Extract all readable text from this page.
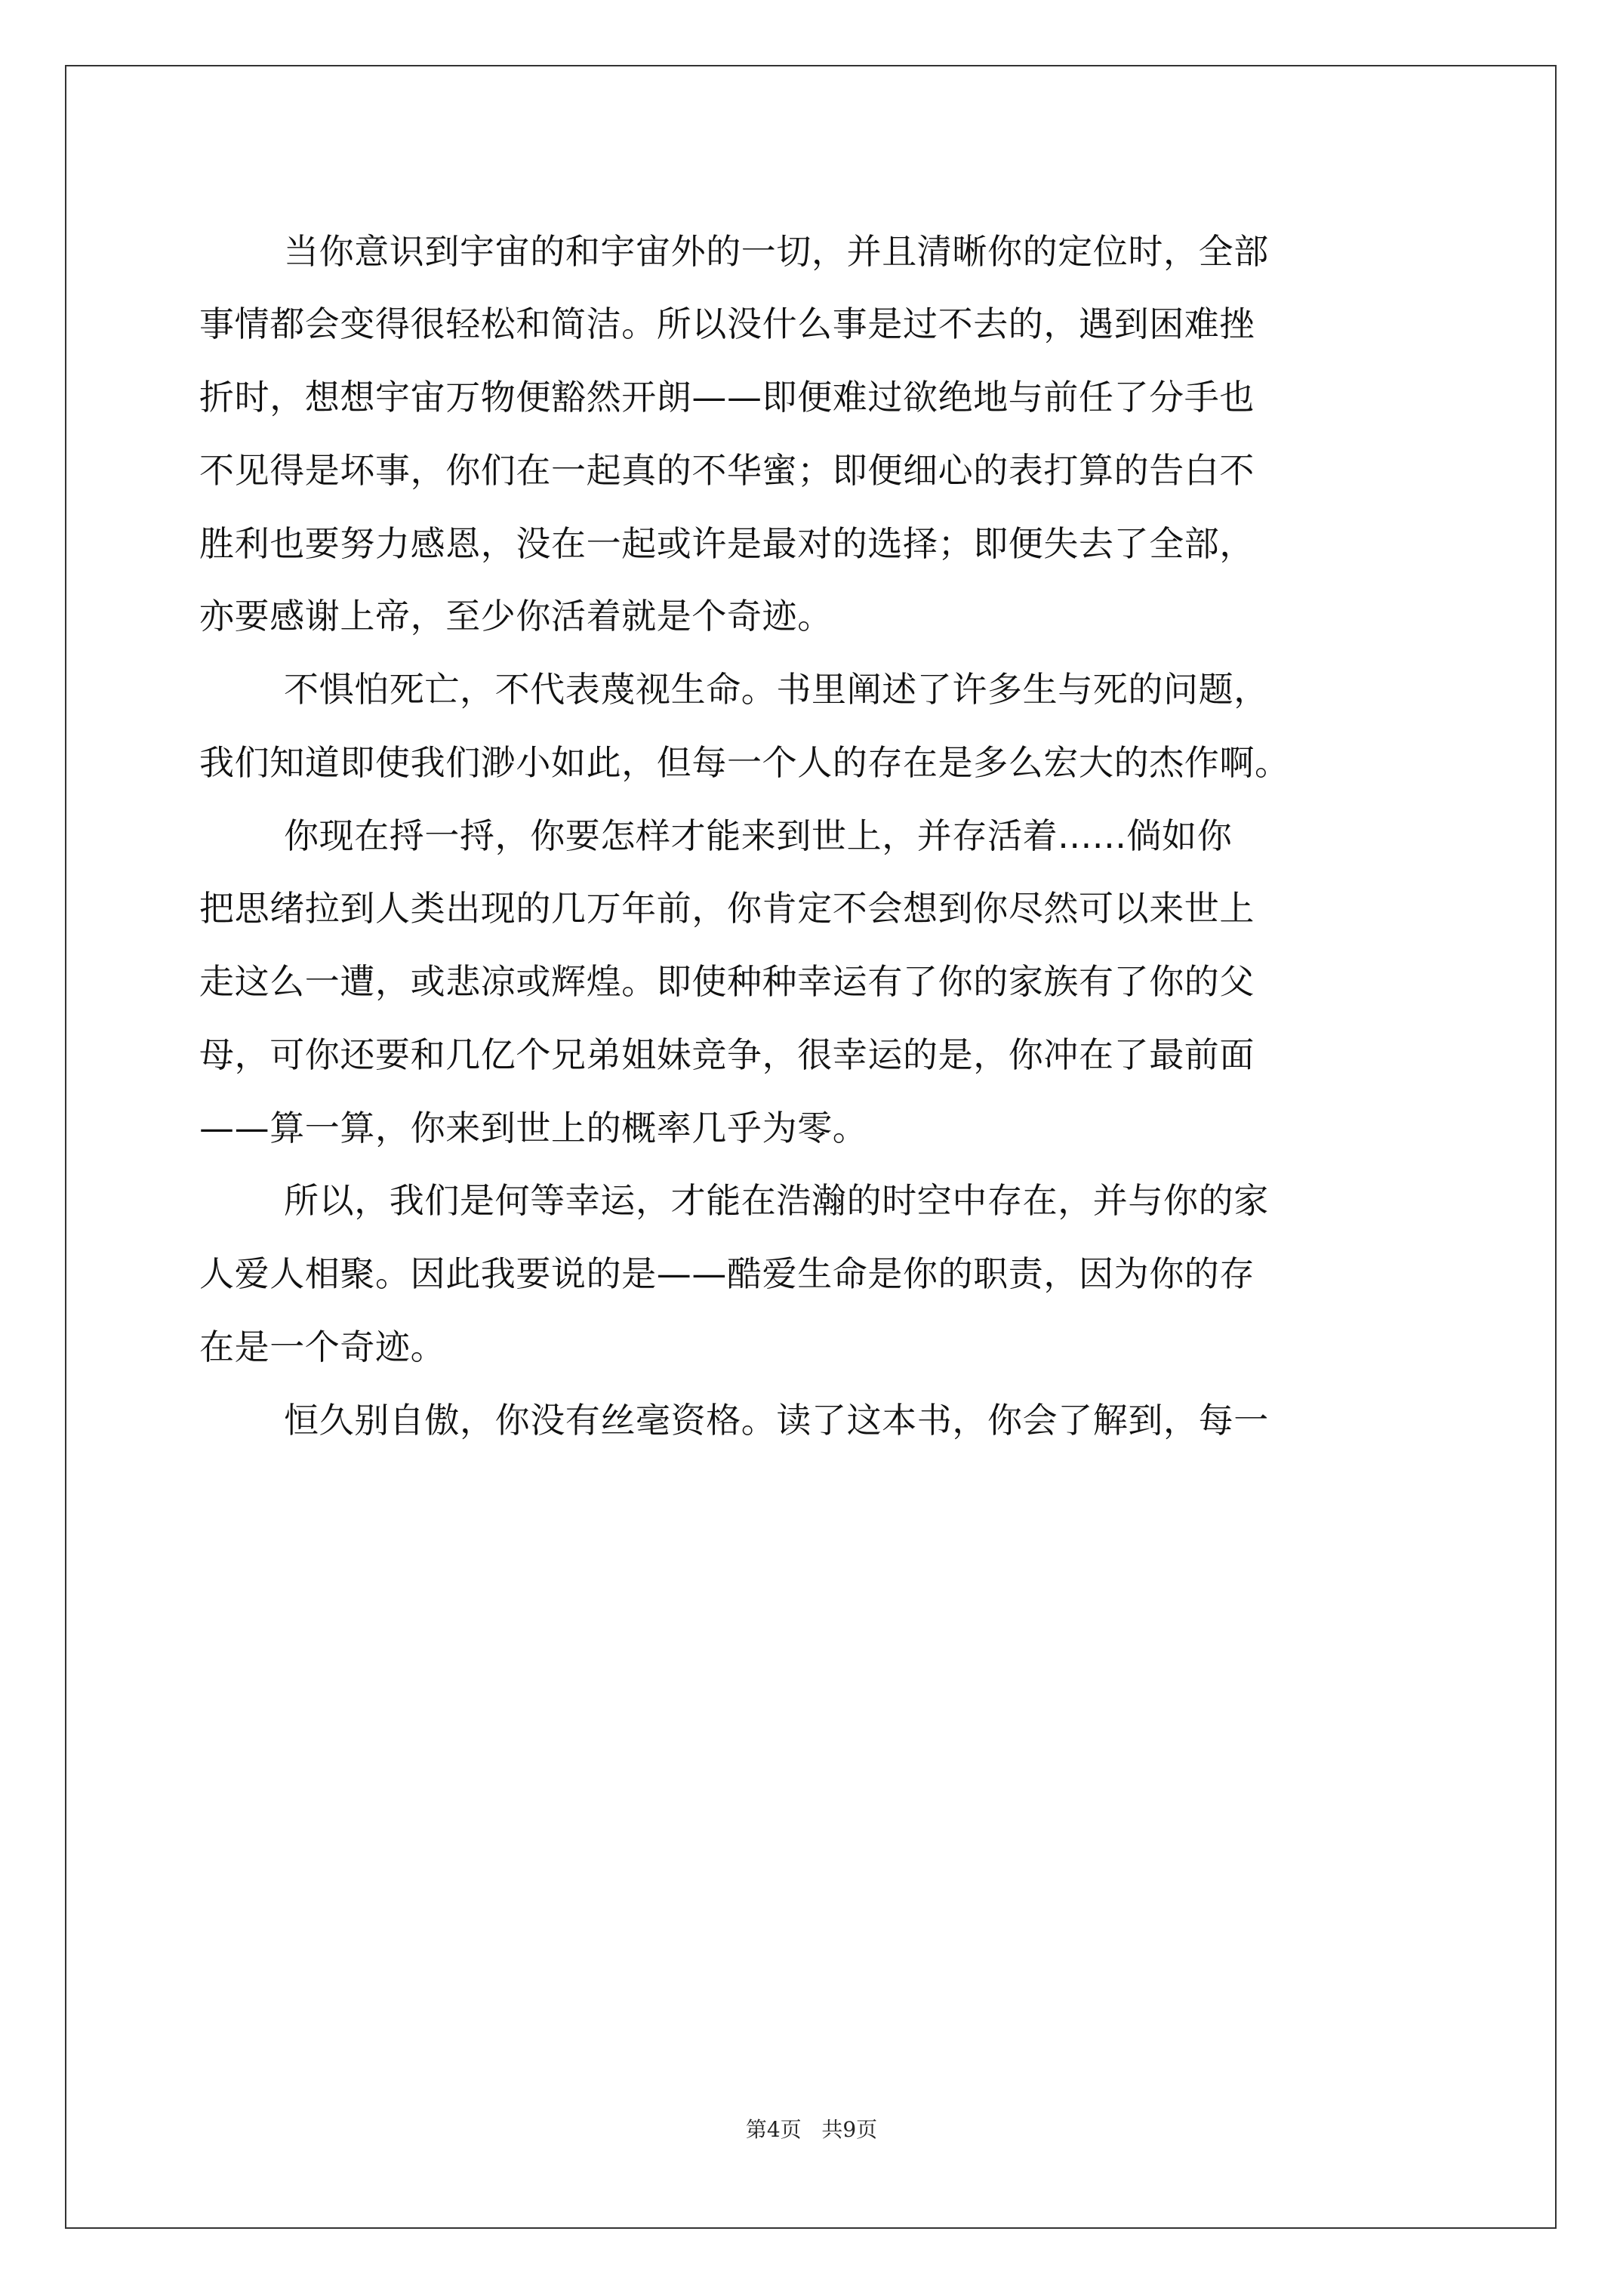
当你意识到宇宙的和宇宙外的一切，并且清晰你的定位时，全部
事情都会变得很轻松和简洁。所以没什么事是过不去的，遇到困难挫
折时，想想宇宙万物便豁然开朗——即便难过欲绝地与前任了分手也
不见得是坏事，你们在一起真的不华蜜；即便细心的表打算的告白不
胜利也要努力感恩，没在一起或许是最对的选择；即便失去了全部，
亦要感谢上帝，至少你活着就是个奇迹。
不惧怕死亡，不代表蔑视生命。书里阐述了许多生与死的问题，
我们知道即使我们渺小如此，但每一个人的存在是多么宏大的杰作啊。
你现在捋一捋，你要怎样才能来到世上，并存活着......倘如你
把思绪拉到人类出现的几万年前，你肯定不会想到你尽然可以来世上
走这么一遭，或悲凉或辉煌。即使种种幸运有了你的家族有了你的父
母，可你还要和几亿个兄弟姐妹竞争，很幸运的是，你冲在了最前面
——算一算，你来到世上的概率几乎为零。
所以，我们是何等幸运，才能在浩瀚的时空中存在，并与你的家
人爱人相聚。因此我要说的是——酷爱生命是你的职责，因为你的存
在是一个奇迹。
恒久别自傲，你没有丝毫资格。读了这本书，你会了解到，每一
第4页   共9页
